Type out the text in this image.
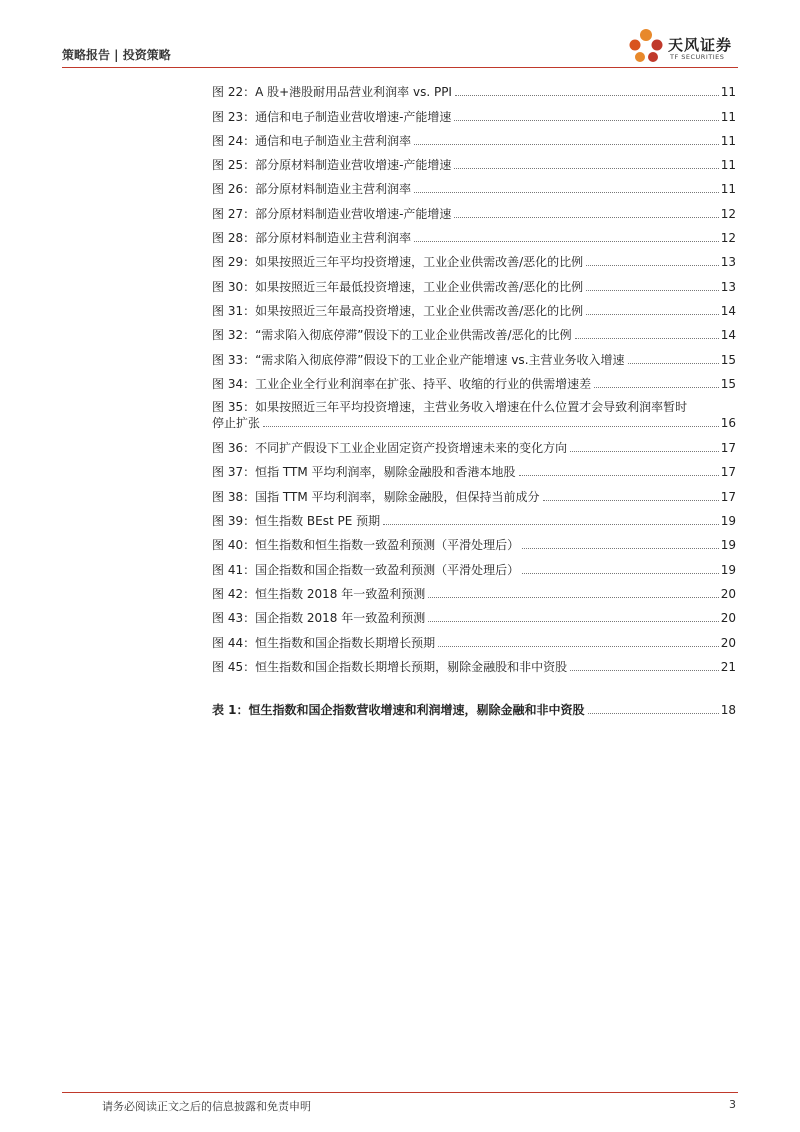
策略报告 | 投资策略
天风证券
TF SECURITIES
图 22：A 股+港股耐用品营业利润率 vs. PPI	11
图 23：通信和电子制造业营收增速-产能增速	11
图 24：通信和电子制造业主营利润率	11
图 25：部分原材料制造业营收增速-产能增速	11
图 26：部分原材料制造业主营利润率	11
图 27：部分原材料制造业营收增速-产能增速	12
图 28：部分原材料制造业主营利润率	12
图 29：如果按照近三年平均投资增速，工业企业供需改善/恶化的比例	13
图 30：如果按照近三年最低投资增速，工业企业供需改善/恶化的比例	13
图 31：如果按照近三年最高投资增速，工业企业供需改善/恶化的比例	14
图 32：“需求陷入彻底停滞”假设下的工业企业供需改善/恶化的比例	14
图 33：“需求陷入彻底停滞”假设下的工业企业产能增速 vs.主营业务收入增速	15
图 34：工业企业全行业利润率在扩张、持平、收缩的行业的供需增速差	15
图 35：如果按照近三年平均投资增速，主营业务收入增速在什么位置才会导致利润率暂时
停止扩张	16
图 36：不同扩产假设下工业企业固定资产投资增速未来的变化方向	17
图 37：恒指 TTM 平均利润率，剔除金融股和香港本地股	17
图 38：国指 TTM 平均利润率，剔除金融股，但保持当前成分	17
图 39：恒生指数 BEst PE 预期	19
图 40：恒生指数和恒生指数一致盈利预测（平滑处理后）	19
图 41：国企指数和国企指数一致盈利预测（平滑处理后）	19
图 42：恒生指数 2018 年一致盈利预测	20
图 43：国企指数 2018 年一致盈利预测	20
图 44：恒生指数和国企指数长期增长预期	20
图 45：恒生指数和国企指数长期增长预期，剔除金融股和非中资股	21
表 1：恒生指数和国企指数营收增速和利润增速，剔除金融和非中资股	18
请务必阅读正文之后的信息披露和免责申明	3
